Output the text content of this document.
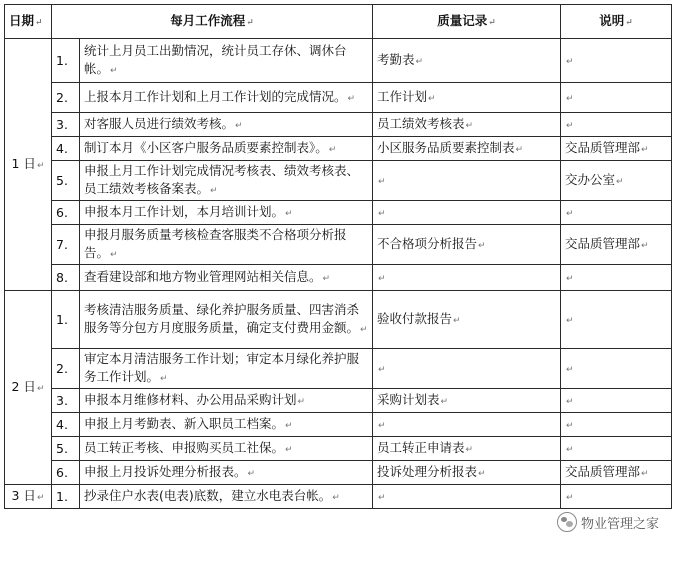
日期↵	每月工作流程↵		质量记录↵	说明↵
1 日↵	1.	统计上月员工出勤情况，统计员工存休、调休台帐。↵	考勤表↵	↵
	2.	上报本月工作计划和上月工作计划的完成情况。↵	工作计划↵	↵
	3.	对客服人员进行绩效考核。↵	员工绩效考核表↵	↵
	4.	制订本月《小区客户服务品质要素控制表》。↵	小区服务品质要素控制表↵	交品质管理部↵
	5.	申报上月工作计划完成情况考核表、绩效考核表、员工绩效考核备案表。↵	↵	交办公室↵
	6.	申报本月工作计划，本月培训计划。↵	↵	↵
	7.	申报月服务质量考核检查客服类不合格项分析报告。↵	不合格项分析报告↵	交品质管理部↵
	8.	查看建设部和地方物业管理网站相关信息。↵	↵	↵
2 日↵	1.	考核清洁服务质量、绿化养护服务质量、四害消杀服务等分包方月度服务质量，确定支付费用金额。↵	验收付款报告↵	↵
	2.	审定本月清洁服务工作计划；审定本月绿化养护服务工作计划。↵	↵	↵
	3.	申报本月维修材料、办公用品采购计划↵	采购计划表↵	↵
	4.	申报上月考勤表、新入职员工档案。↵	↵	↵
	5.	员工转正考核、申报购买员工社保。↵	员工转正申请表↵	↵
	6.	申报上月投诉处理分析报表。↵	投诉处理分析报表↵	交品质管理部↵
3 日↵	1.	抄录住户水表(电表)底数，建立水电表台帐。↵	↵	↵
物业管理之家
